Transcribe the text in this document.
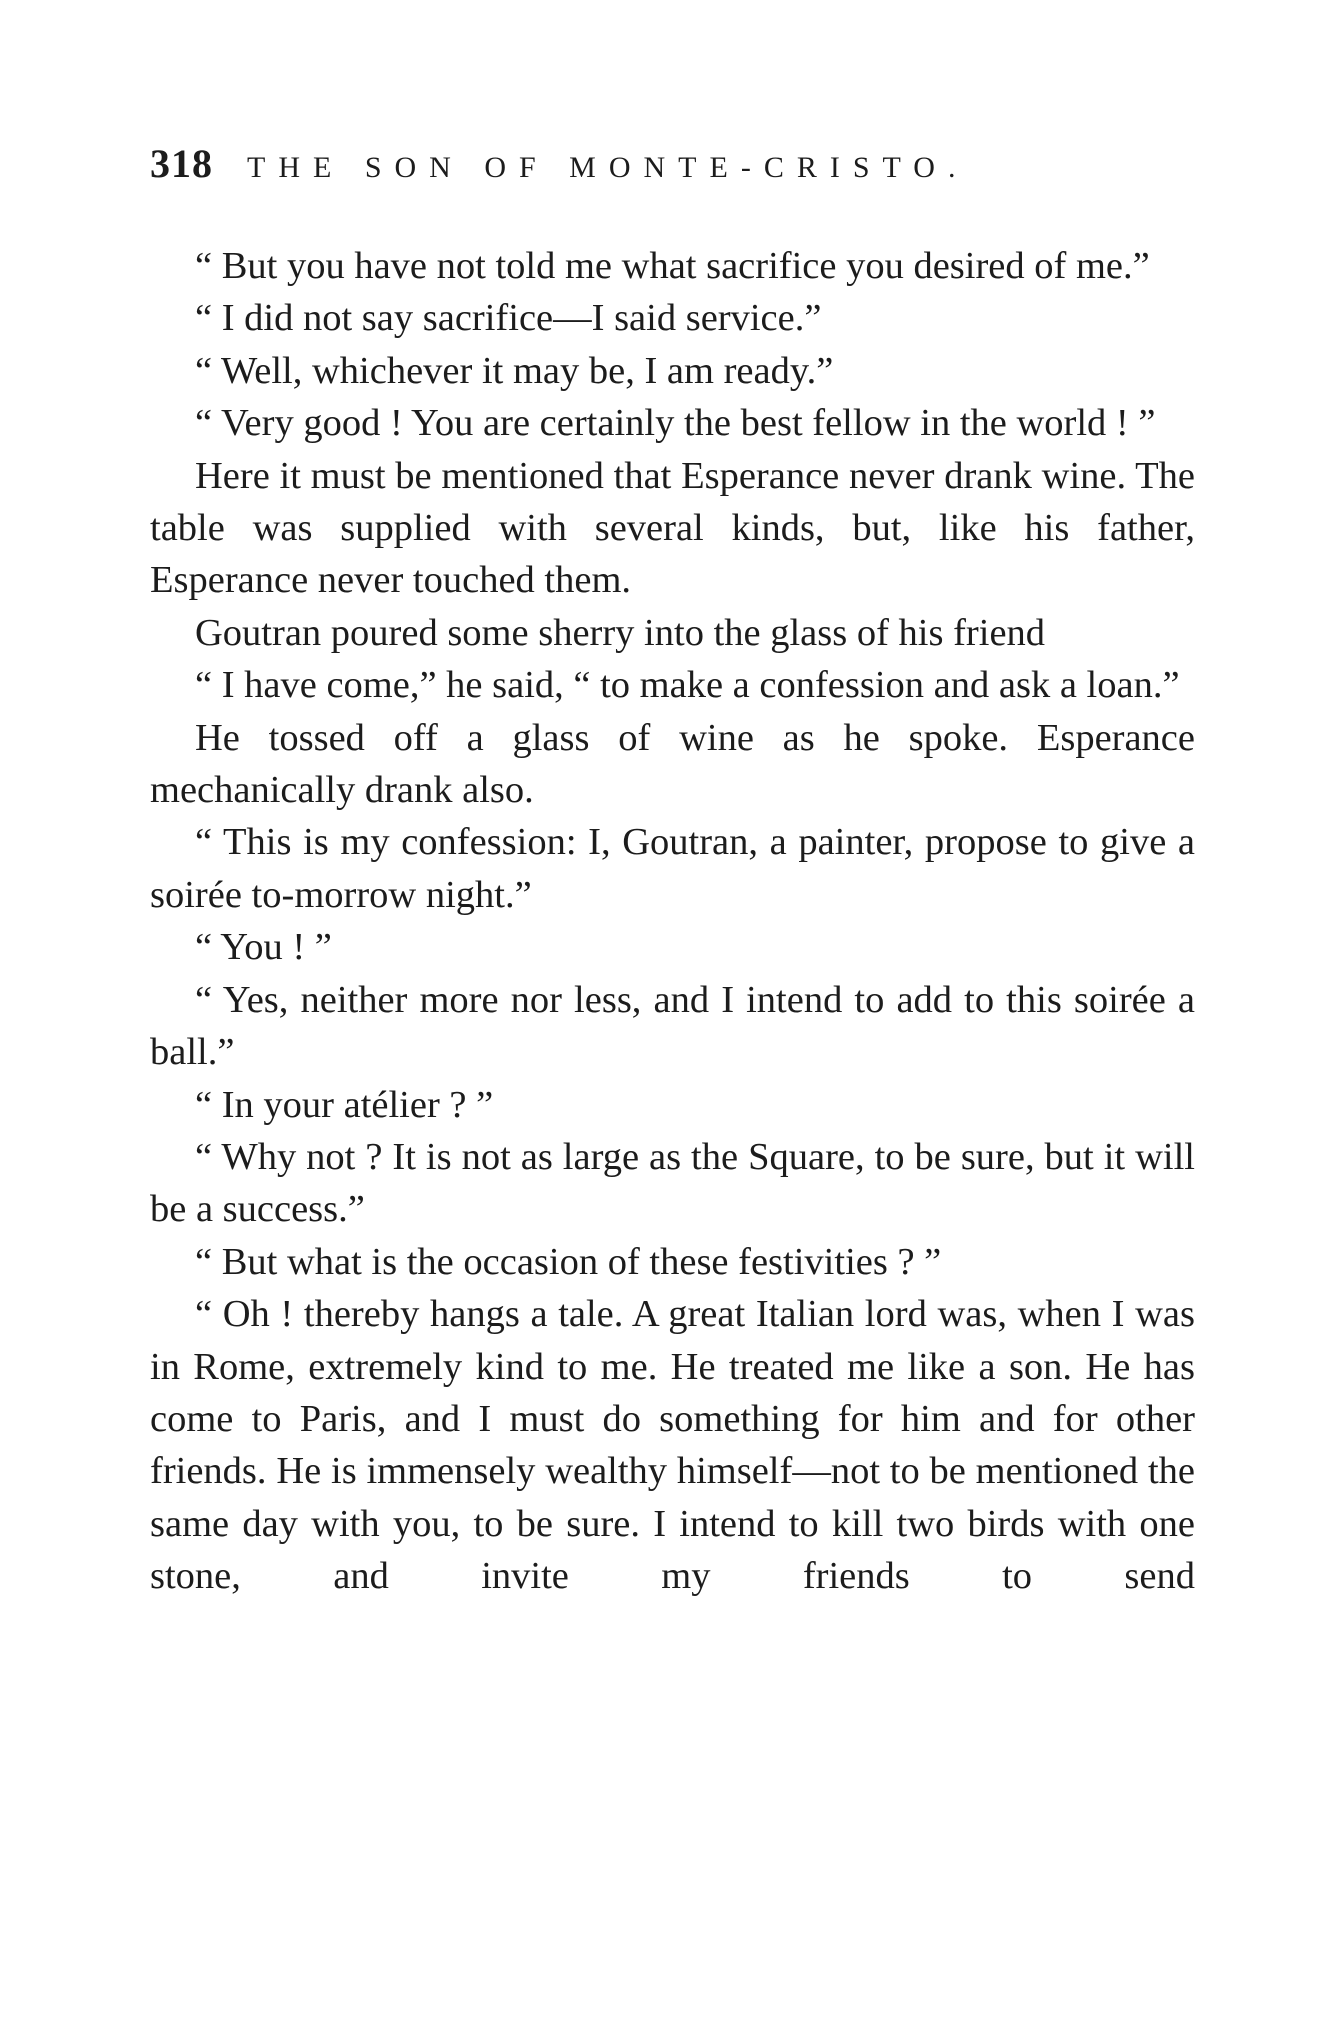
318 THE SON OF MONTE-CRISTO.

“ But you have not told me what sacrifice you desired of me.”

“ I did not say sacrifice—I said service.”

“ Well, whichever it may be, I am ready.”

“ Very good ! You are certainly the best fellow in the world ! ”

Here it must be mentioned that Esperance never drank wine. The table was supplied with several kinds, but, like his father, Esperance never touched them.

Goutran poured some sherry into the glass of his friend

“ I have come,” he said, “ to make a confession and ask a loan.”

He tossed off a glass of wine as he spoke. Esperance mechanically drank also.

“ This is my confession: I, Goutran, a painter, propose to give a soirée to-morrow night.”

“ You ! ”

“ Yes, neither more nor less, and I intend to add to this soirée a ball.”

“ In your atélier ? ”

“ Why not ? It is not as large as the Square, to be sure, but it will be a success.”

“ But what is the occasion of these festivities ? ”

“ Oh ! thereby hangs a tale. A great Italian lord was, when I was in Rome, extremely kind to me. He treated me like a son. He has come to Paris, and I must do something for him and for other friends. He is immensely wealthy himself—not to be mentioned the same day with you, to be sure. I intend to kill two birds with one stone, and invite my friends to send
